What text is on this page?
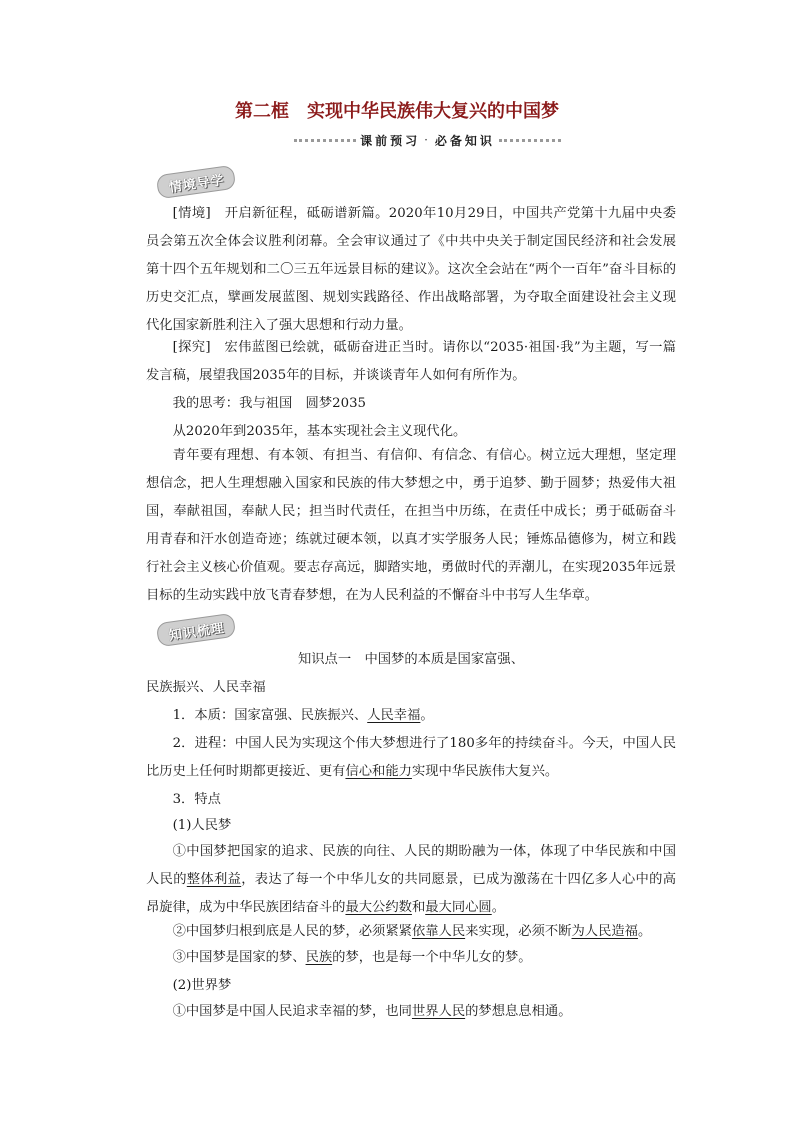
第二框　实现中华民族伟大复兴的中国梦
课前预习 · 必备知识
情
境
导
学

[情境]　 开启新征程，砥砺谱新篇。2020年10月29日，中国共产党第十九届中央委员会第五次全体会议胜利闭幕。全会审议通过了《中共中央关于制定国民经济和社会发展第十四个五年规划和二〇三五年远景目标的建议》。这次全会站在“两个一百年”奋斗目标的历史交汇点，擘画发展蓝图、规划实践路径、作出战略部署，为夺取全面建设社会主义现代化国家新胜利注入了强大思想和行动力量。

[探究]　 宏伟蓝图已绘就，砥砺奋进正当时。请你以“2035·祖国·我”为主题，写一篇发言稿，展望我国2035年的目标，并谈谈青年人如何有所作为。

我的思考：我与祖国　圆梦2035

从2020年到2035年，基本实现社会主义现代化。

青年要有理想、有本领、有担当、有信仰、有信念、有信心。树立远大理想，坚定理想信念，把人生理想融入国家和民族的伟大梦想之中，勇于追梦、勤于圆梦；热爱伟大祖国，奉献祖国，奉献人民；担当时代责任，在担当中历练，在责任中成长；勇于砥砺奋斗用青春和汗水创造奇迹；练就过硬本领，以真才实学服务人民；锤炼品德修为，树立和践行社会主义核心价值观。要志存高远，脚踏实地，勇做时代的弄潮儿，在实现2035年远景目标的生动实践中放飞青春梦想，在为人民利益的不懈奋斗中书写人生华章。

知
识
梳
理

知识点一　中国梦的本质是国家富强、

民族振兴、人民幸福

1．本质：国家富强、民族振兴、人民幸福。

2．进程：中国人民为实现这个伟大梦想进行了180多年的持续奋斗。今天，中国人民比历史上任何时期都更接近、更有信心和能力实现中华民族伟大复兴。

3．特点

(1)人民梦

①中国梦把国家的追求、民族的向往、人民的期盼融为一体，体现了中华民族和中国人民的整体利益，表达了每一个中华儿女的共同愿景，已成为激荡在十四亿多人心中的高昂旋律，成为中华民族团结奋斗的最大公约数和最大同心圆。

②中国梦归根到底是人民的梦，必须紧紧依靠人民来实现，必须不断为人民造福。

③中国梦是国家的梦、民族的梦，也是每一个中华儿女的梦。

(2)世界梦

①中国梦是中国人民追求幸福的梦，也同世界人民的梦想息息相通。
